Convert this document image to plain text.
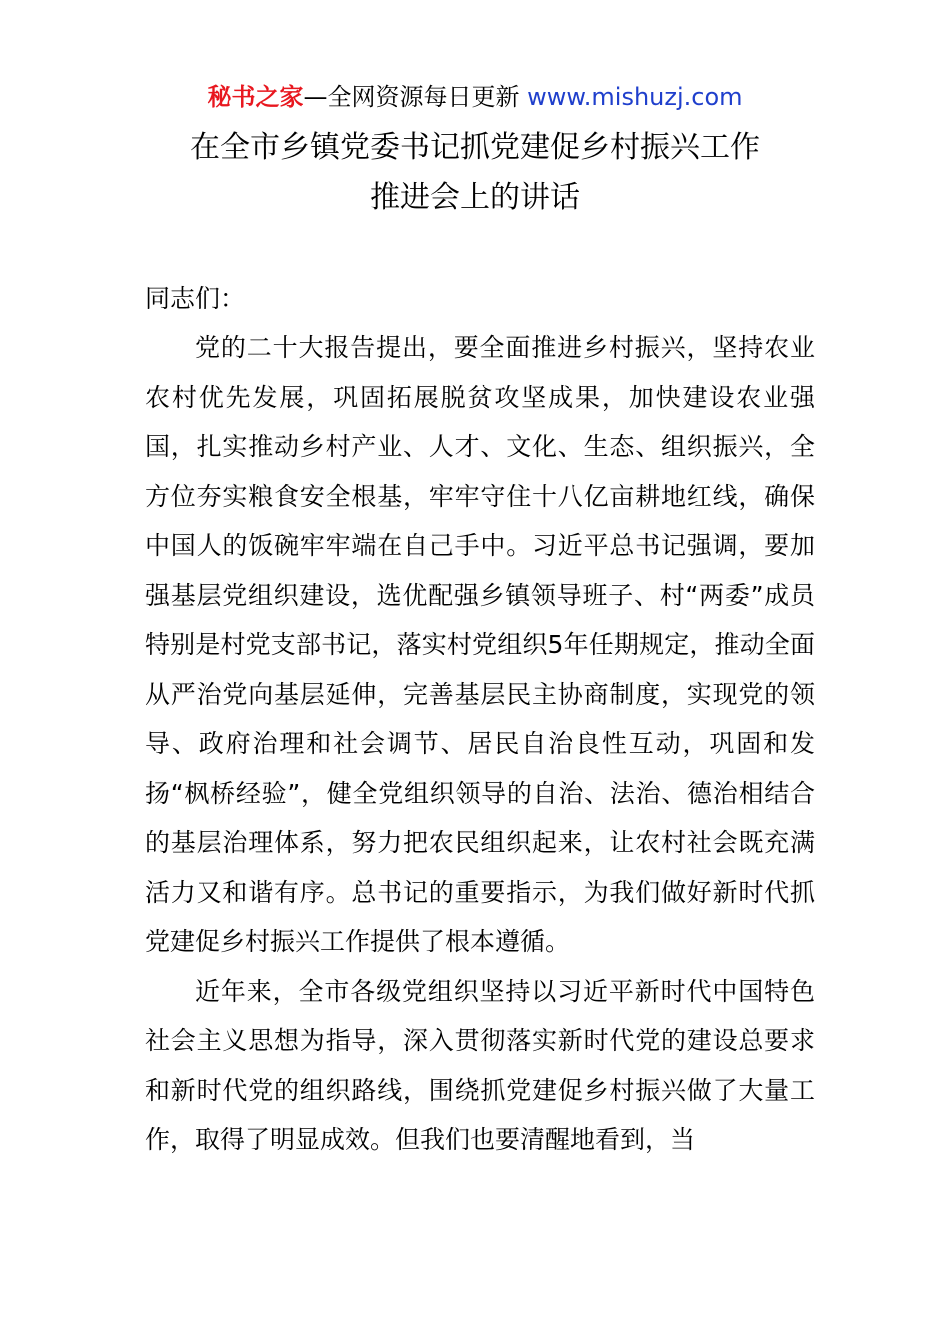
秘书之家—全网资源每日更新 www.mishuzj.com
在全市乡镇党委书记抓党建促乡村振兴工作
推进会上的讲话
同志们：

党的二十大报告提出，要全面推进乡村振兴，坚持农业农村优先发展，巩固拓展脱贫攻坚成果，加快建设农业强国，扎实推动乡村产业、人才、文化、生态、组织振兴，全方位夯实粮食安全根基，牢牢守住十八亿亩耕地红线，确保中国人的饭碗牢牢端在自己手中。习近平总书记强调，要加强基层党组织建设，选优配强乡镇领导班子、村“两委”成员特别是村党支部书记，落实村党组织5年任期规定，推动全面从严治党向基层延伸，完善基层民主协商制度，实现党的领导、政府治理和社会调节、居民自治良性互动，巩固和发扬“枫桥经验”，健全党组织领导的自治、法治、德治相结合的基层治理体系，努力把农民组织起来，让农村社会既充满活力又和谐有序。总书记的重要指示，为我们做好新时代抓党建促乡村振兴工作提供了根本遵循。

近年来，全市各级党组织坚持以习近平新时代中国特色社会主义思想为指导，深入贯彻落实新时代党的建设总要求和新时代党的组织路线，围绕抓党建促乡村振兴做了大量工作，取得了明显成效。但我们也要清醒地看到，当
